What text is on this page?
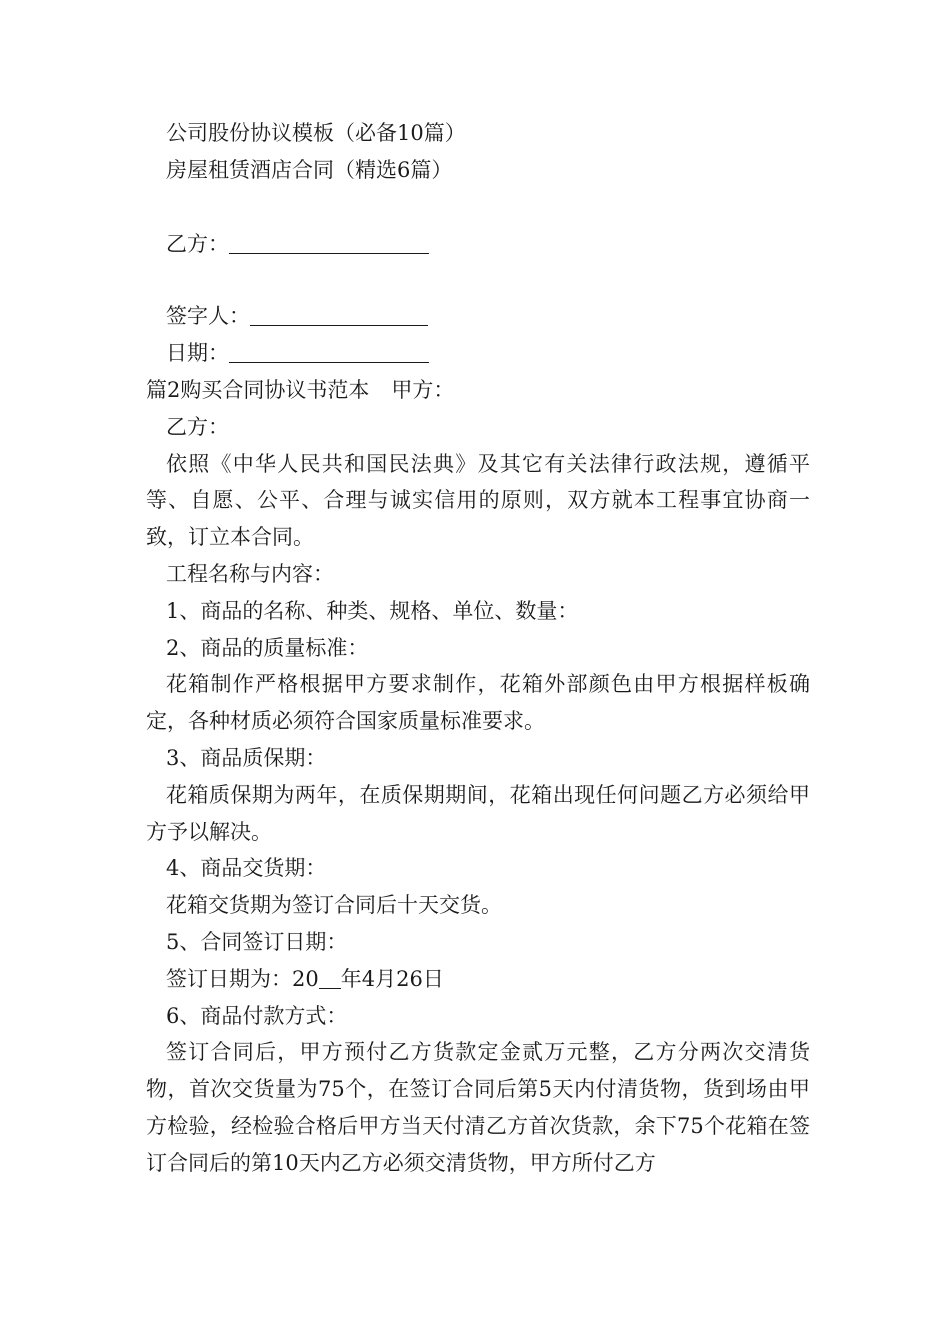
公司股份协议模板（必备10篇）
房屋租赁酒店合同（精选6篇）
乙方：
签字人：
日期：
篇2购买合同协议书范本 甲方：
乙方：
依照《中华人民共和国民法典》及其它有关法律行政法规，遵循平等、自愿、公平、合理与诚实信用的原则，双方就本工程事宜协商一致，订立本合同。
工程名称与内容：
1、商品的名称、种类、规格、单位、数量：
2、商品的质量标准：
花箱制作严格根据甲方要求制作，花箱外部颜色由甲方根据样板确定，各种材质必须符合国家质量标准要求。
3、商品质保期：
花箱质保期为两年，在质保期期间，花箱出现任何问题乙方必须给甲方予以解决。
4、商品交货期：
花箱交货期为签订合同后十天交货。
5、合同签订日期：
签订日期为：20 年4月26日
6、商品付款方式：
签订合同后，甲方预付乙方货款定金贰万元整，乙方分两次交清货物，首次交货量为75个，在签订合同后第5天内付清货物，货到场由甲方检验，经检验合格后甲方当天付清乙方首次货款，余下75个花箱在签订合同后的第10天内乙方必须交清货物，甲方所付乙方
